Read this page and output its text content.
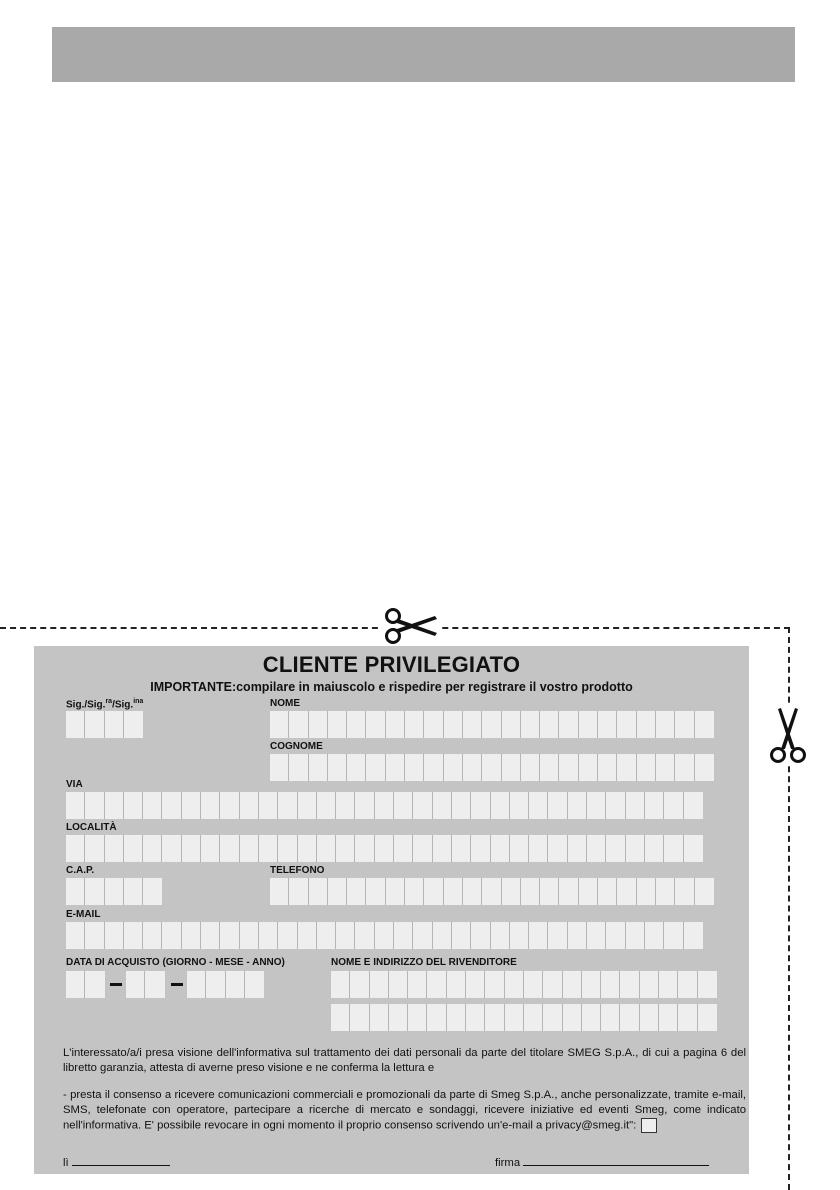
CLIENTE PRIVILEGIATO
IMPORTANTE:compilare in maiuscolo e rispedire per registrare il vostro prodotto
Sig./Sig.$^{ra}$/Sig.$^{ina}$	NOME
COGNOME
VIA
LOCALITÀ
C.A.P.	TELEFONO
E-MAIL
DATA DI ACQUISTO (GIORNO - MESE - ANNO)	NOME E INDIRIZZO DEL RIVENDITORE
L'interessato/a/i presa visione dell'informativa sul trattamento dei dati personali da parte del titolare SMEG S.p.A., di cui a pagina 6 del libretto garanzia, attesta di averne preso visione e ne conferma la lettura e
- presta il consenso a ricevere comunicazioni commerciali e promozionali da parte di Smeg S.p.A., anche personalizzate, tramite e-mail, SMS, telefonate con operatore, partecipare a ricerche di mercato e sondaggi, ricevere iniziative ed eventi Smeg, come indicato nell'informativa. E' possibile revocare in ogni momento il proprio consenso scrivendo un'e-mail a privacy@smeg.it":
lì	firma
